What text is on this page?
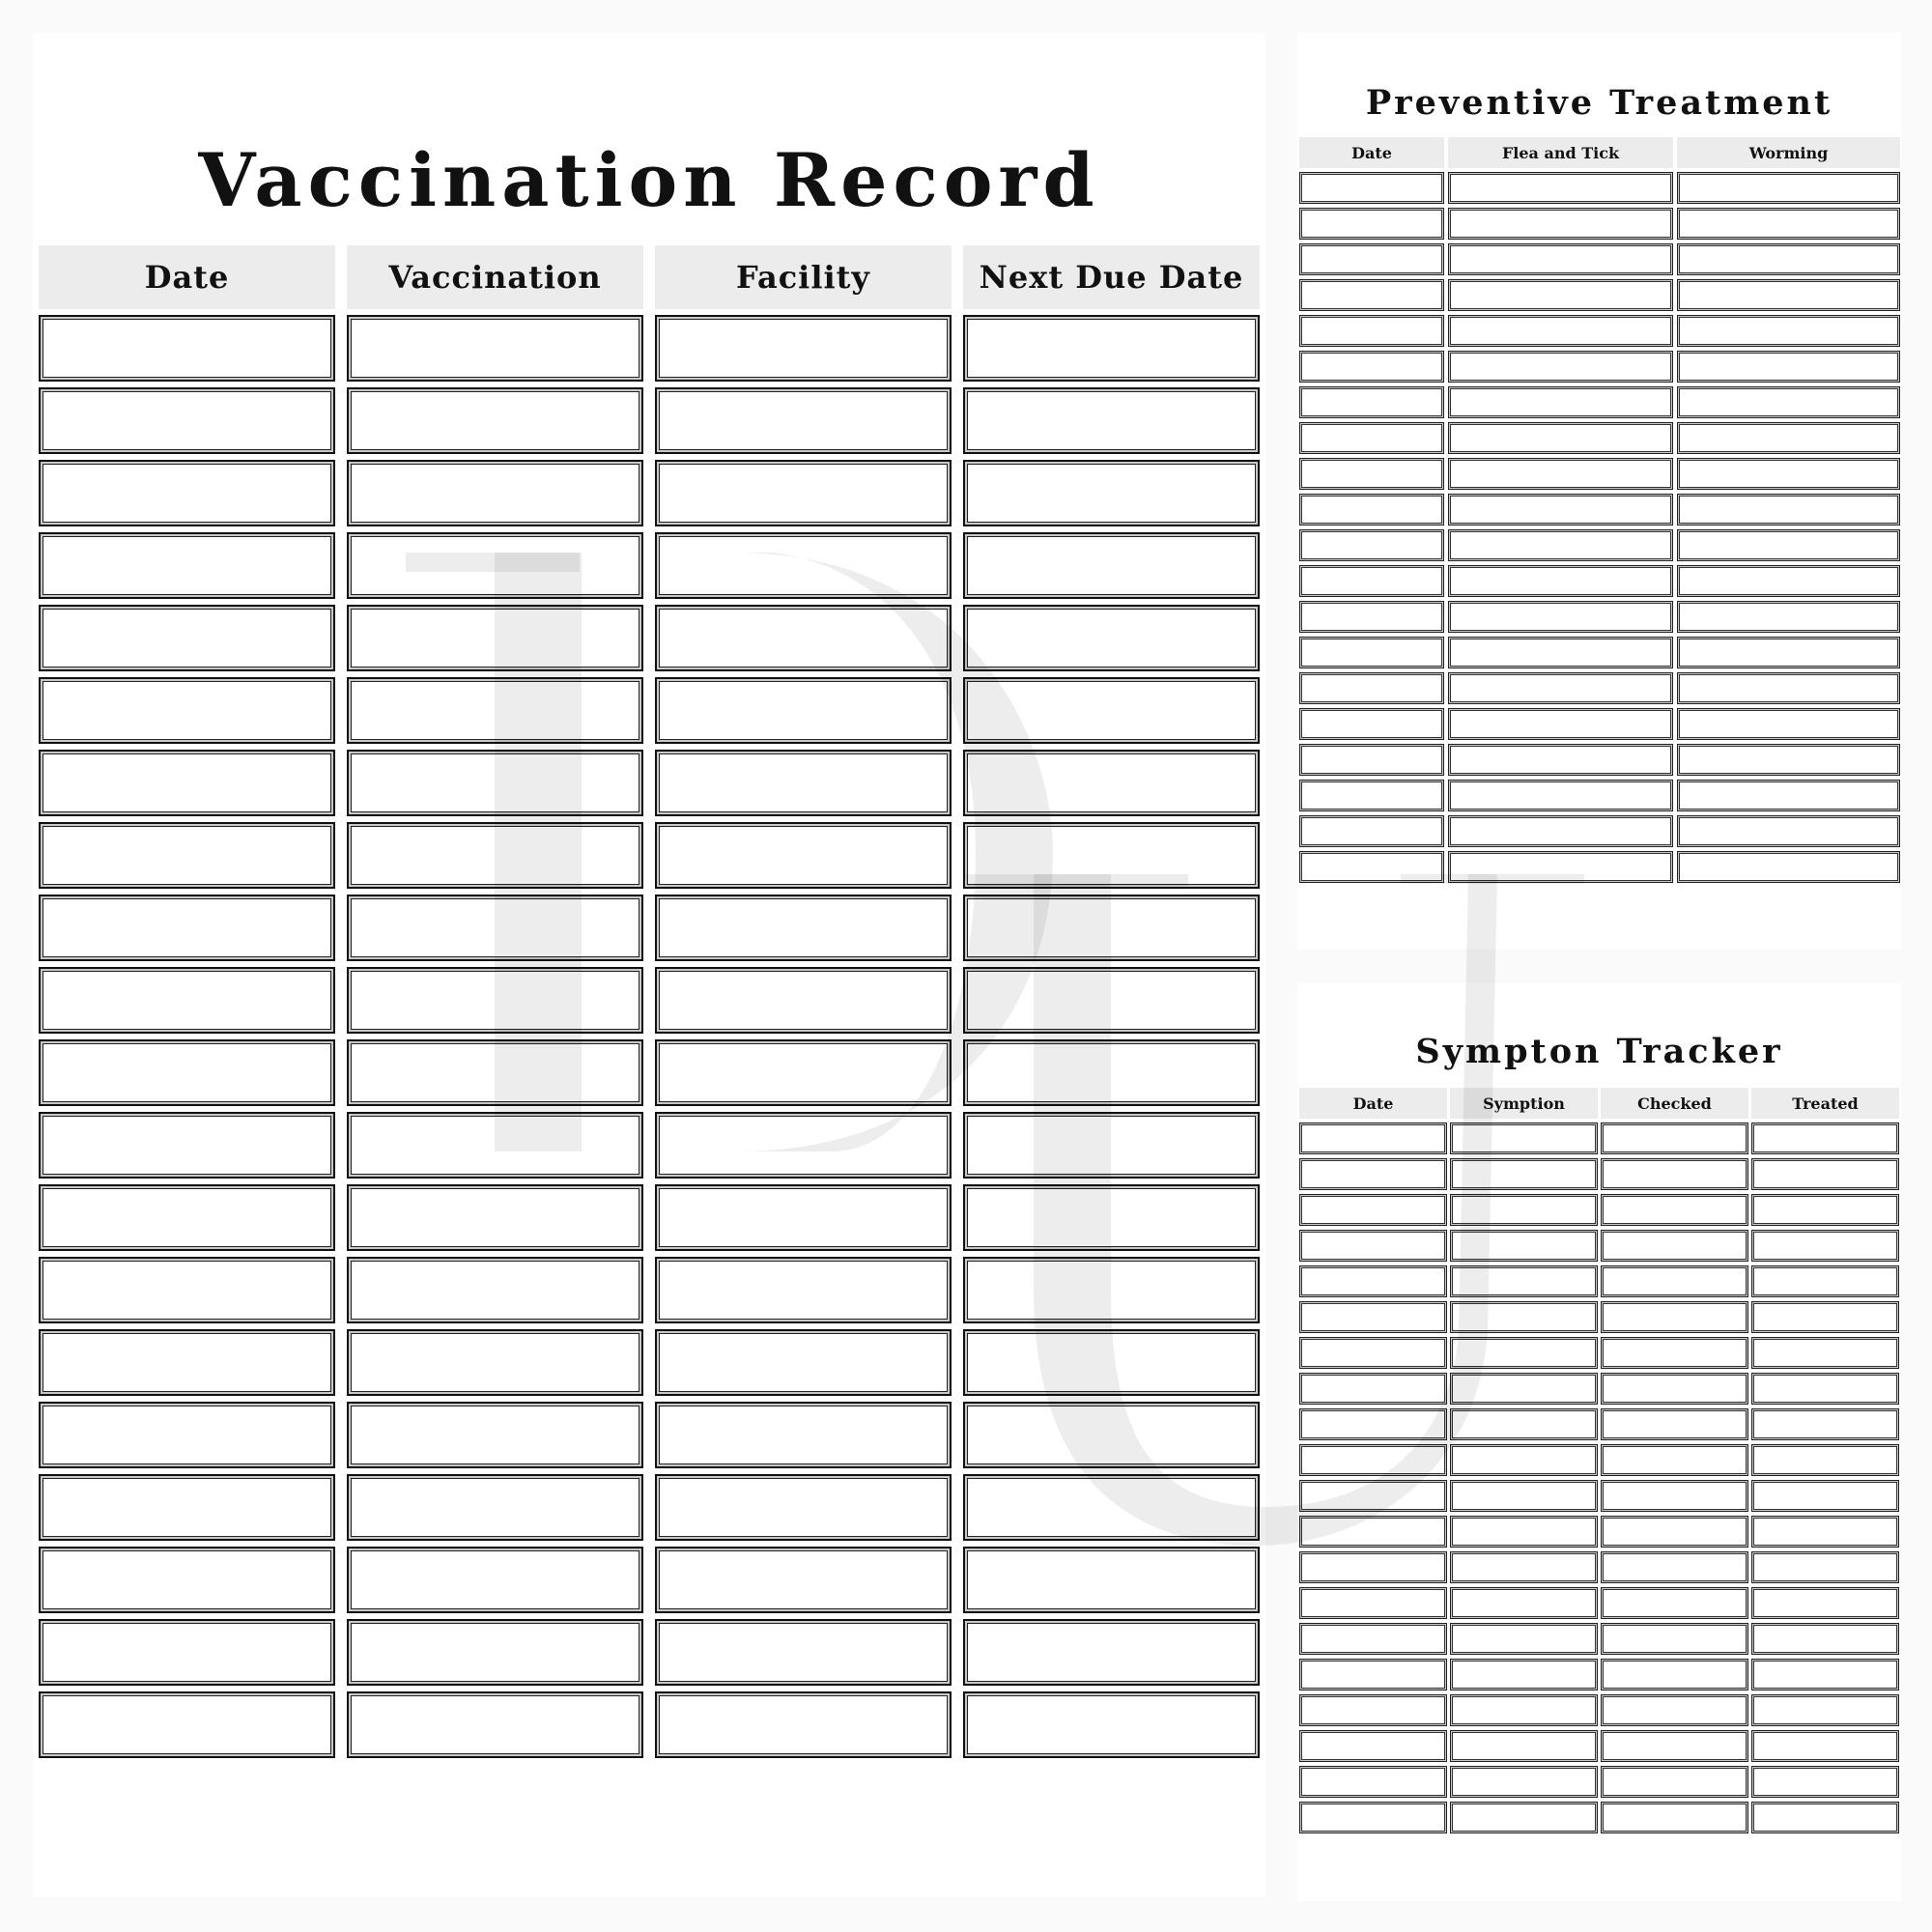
Vaccination Record
Date	Vaccination	Facility	Next Due Date
Preventive Treatment
Date	Flea and Tick	Worming
Sympton Tracker
Date	Symption	Checked	Treated
